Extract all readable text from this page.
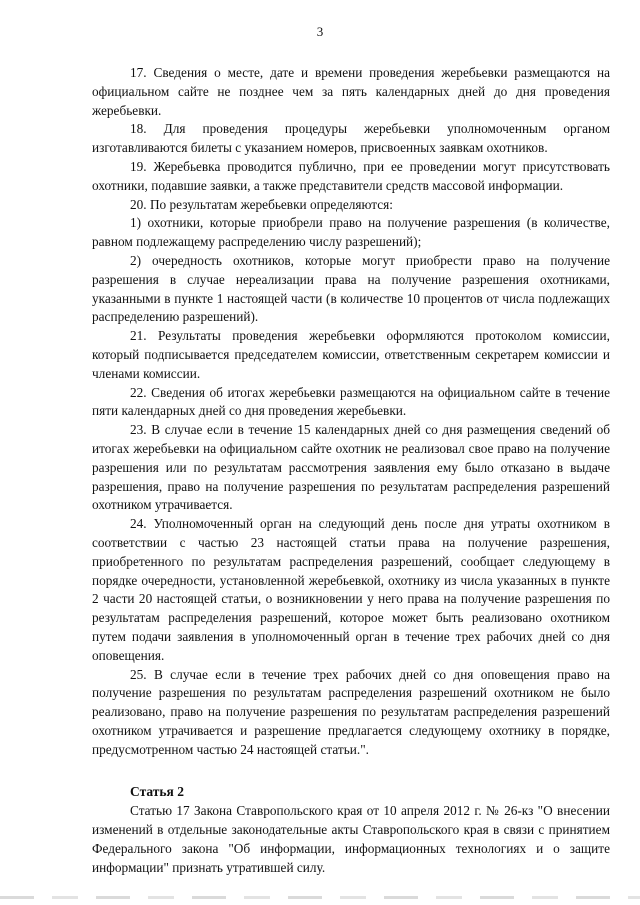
3

17. Сведения о месте, дате и времени проведения жеребьевки размещаются на официальном сайте не позднее чем за пять календарных дней до дня проведения жеребьевки.

18. Для проведения процедуры жеребьевки уполномоченным органом изготавливаются билеты с указанием номеров, присвоенных заявкам охотников.

19. Жеребьевка проводится публично, при ее проведении могут присутствовать охотники, подавшие заявки, а также представители средств массовой информации.

20. По результатам жеребьевки определяются:

1) охотники, которые приобрели право на получение разрешения (в количестве, равном подлежащему распределению числу разрешений);

2) очередность охотников, которые могут приобрести право на получение разрешения в случае нереализации права на получение разрешения охотниками, указанными в пункте 1 настоящей части (в количестве 10 процентов от числа подлежащих распределению разрешений).

21. Результаты проведения жеребьевки оформляются протоколом комиссии, который подписывается председателем комиссии, ответственным секретарем комиссии и членами комиссии.

22. Сведения об итогах жеребьевки размещаются на официальном сайте в течение пяти календарных дней со дня проведения жеребьевки.

23. В случае если в течение 15 календарных дней со дня размещения сведений об итогах жеребьевки на официальном сайте охотник не реализовал свое право на получение разрешения или по результатам рассмотрения заявления ему было отказано в выдаче разрешения, право на получение разрешения по результатам распределения разрешений охотником утрачивается.

24. Уполномоченный орган на следующий день после дня утраты охотником в соответствии с частью 23 настоящей статьи права на получение разрешения, приобретенного по результатам распределения разрешений, сообщает следующему в порядке очередности, установленной жеребьевкой, охотнику из числа указанных в пункте 2 части 20 настоящей статьи, о возникновении у него права на получение разрешения по результатам распределения разрешений, которое может быть реализовано охотником путем подачи заявления в уполномоченный орган в течение трех рабочих дней со дня оповещения.

25. В случае если в течение трех рабочих дней со дня оповещения право на получение разрешения по результатам распределения разрешений охотником не было реализовано, право на получение разрешения по результатам распределения разрешений охотником утрачивается и разрешение предлагается следующему охотнику в порядке, предусмотренном частью 24 настоящей статьи.".

Статья 2

Статью 17 Закона Ставропольского края от 10 апреля 2012 г. № 26-кз "О внесении изменений в отдельные законодательные акты Ставропольского края в связи с принятием Федерального закона "Об информации, информационных технологиях и о защите информации" признать утратившей силу.
